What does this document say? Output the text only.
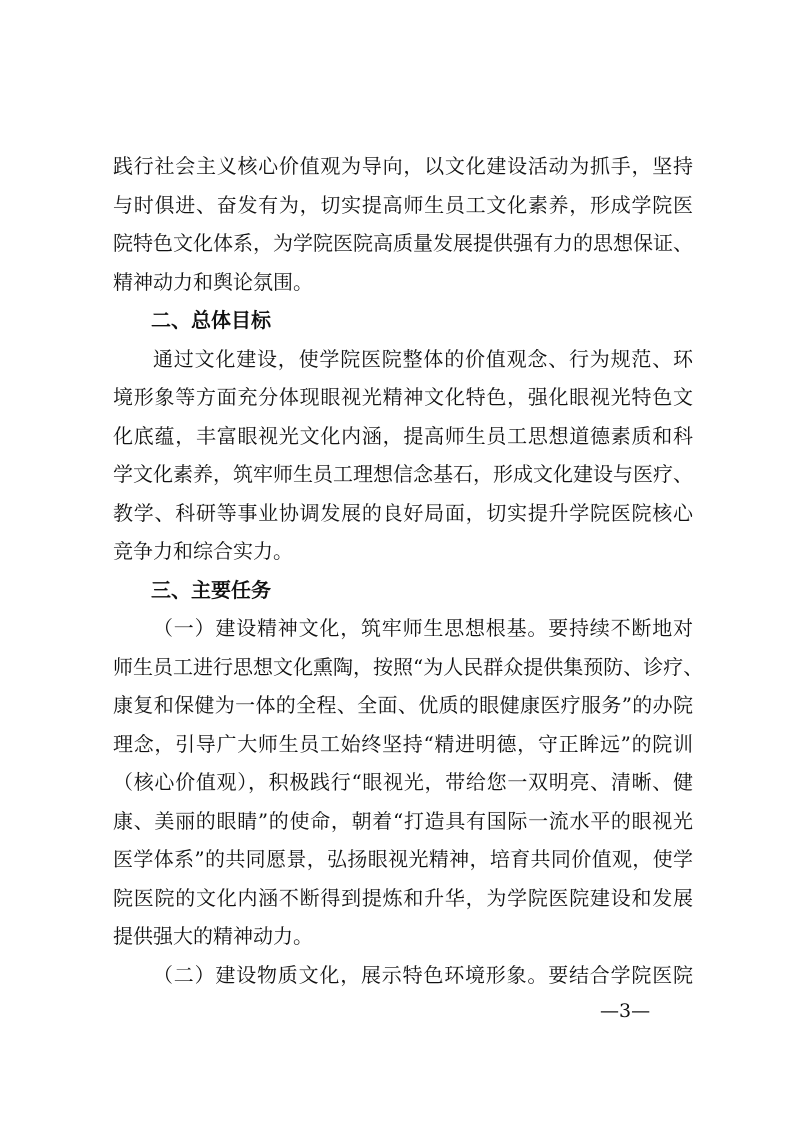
践行社会主义核心价值观为导向，以文化建设活动为抓手，坚持
与时俱进、奋发有为，切实提高师生员工文化素养，形成学院医
院特色文化体系，为学院医院高质量发展提供强有力的思想保证、
精神动力和舆论氛围。
二、总体目标
通过文化建设，使学院医院整体的价值观念、行为规范、环
境形象等方面充分体现眼视光精神文化特色，强化眼视光特色文
化底蕴，丰富眼视光文化内涵，提高师生员工思想道德素质和科
学文化素养，筑牢师生员工理想信念基石，形成文化建设与医疗、
教学、科研等事业协调发展的良好局面，切实提升学院医院核心
竞争力和综合实力。
三、主要任务
（一）建设精神文化，筑牢师生思想根基。要持续不断地对
师生员工进行思想文化熏陶，按照“为人民群众提供集预防、诊疗、
康复和保健为一体的全程、全面、优质的眼健康医疗服务”的办院
理念，引导广大师生员工始终坚持“精进明德，守正眸远”的院训
（核心价值观），积极践行“眼视光，带给您一双明亮、清晰、健
康、美丽的眼睛”的使命，朝着“打造具有国际一流水平的眼视光
医学体系”的共同愿景，弘扬眼视光精神，培育共同价值观，使学
院医院的文化内涵不断得到提炼和升华，为学院医院建设和发展
提供强大的精神动力。
（二）建设物质文化，展示特色环境形象。要结合学院医院
—3—
